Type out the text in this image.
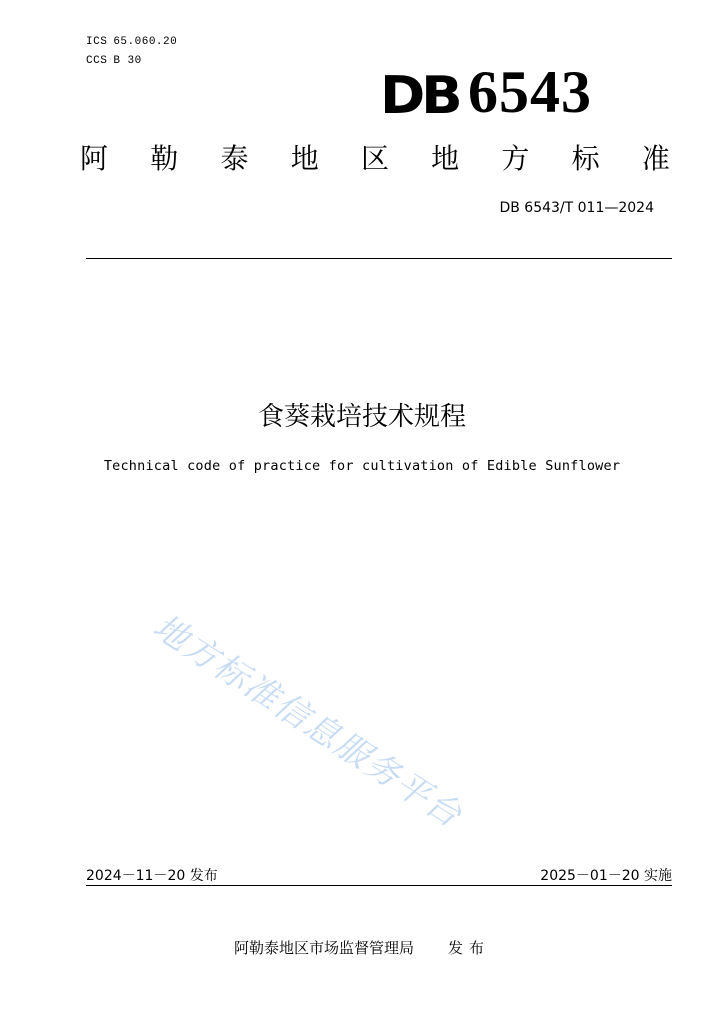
ICS 65.060.20
CCS B 30
DB 6543
阿 勒 泰 地 区 地 方 标 准
DB 6543/T 011—2024
食葵栽培技术规程
Technical code of practice for cultivation of Edible Sunflower
地方标准信息服务平台
2024－11－20 发布	2025－01－20 实施
阿勒泰地区市场监督管理局 发布
